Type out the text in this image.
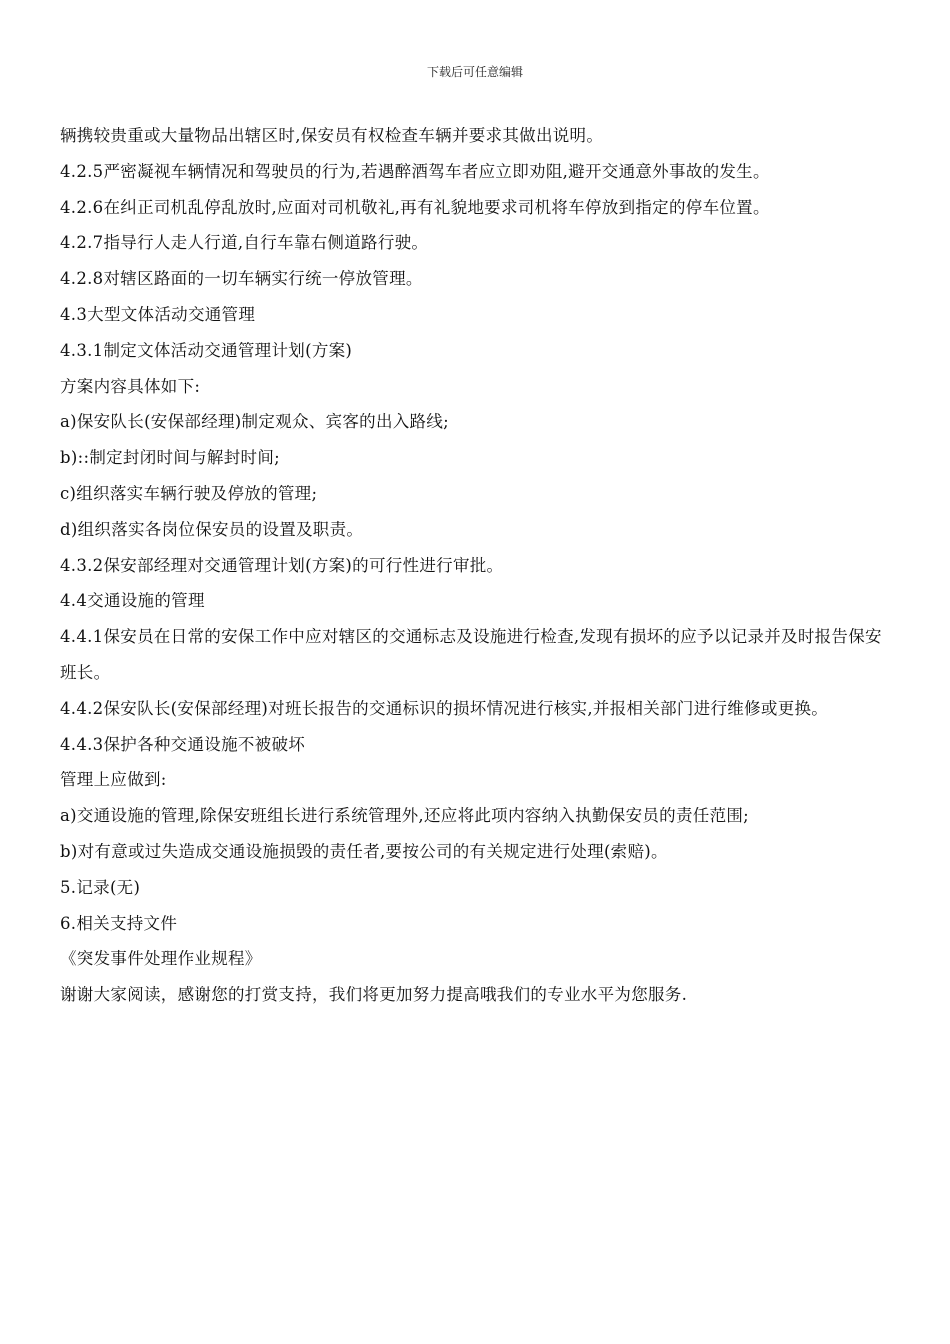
下载后可任意编辑

辆携较贵重或大量物品出辖区时,保安员有权检查车辆并要求其做出说明。

4.2.5严密凝视车辆情况和驾驶员的行为,若遇醉酒驾车者应立即劝阻,避开交通意外事故的发生。

4.2.6在纠正司机乱停乱放时,应面对司机敬礼,再有礼貌地要求司机将车停放到指定的停车位置。

4.2.7指导行人走人行道,自行车靠右侧道路行驶。

4.2.8对辖区路面的一切车辆实行统一停放管理。

4.3大型文体活动交通管理

4.3.1制定文体活动交通管理计划(方案)

方案内容具体如下:

a)保安队长(安保部经理)制定观众、宾客的出入路线;

b)::制定封闭时间与解封时间;

c)组织落实车辆行驶及停放的管理;

d)组织落实各岗位保安员的设置及职责。

4.3.2保安部经理对交通管理计划(方案)的可行性进行审批。

4.4交通设施的管理

4.4.1保安员在日常的安保工作中应对辖区的交通标志及设施进行检查,发现有损坏的应予以记录并及时报告保安班长。

4.4.2保安队长(安保部经理)对班长报告的交通标识的损坏情况进行核实,并报相关部门进行维修或更换。

4.4.3保护各种交通设施不被破坏

管理上应做到:

a)交通设施的管理,除保安班组长进行系统管理外,还应将此项内容纳入执勤保安员的责任范围;

b)对有意或过失造成交通设施损毁的责任者,要按公司的有关规定进行处理(索赔)。

5.记录(无)

6.相关支持文件

《突发事件处理作业规程》

谢谢大家阅读，感谢您的打赏支持，我们将更加努力提高哦我们的专业水平为您服务.
